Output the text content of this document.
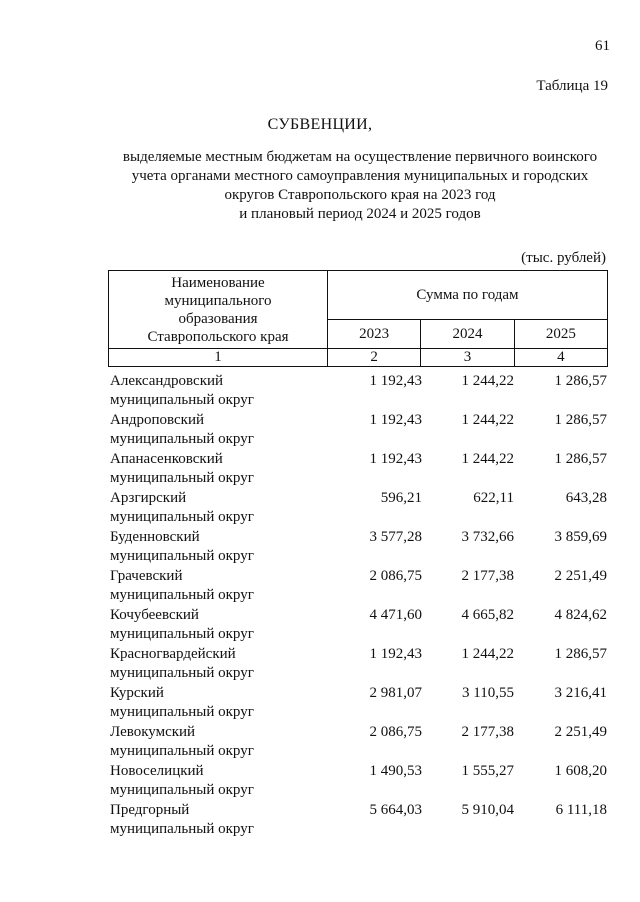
61
Таблица 19
СУБВЕНЦИИ,
выделяемые местным бюджетам на осуществление первичного воинского
учета органами местного самоуправления муниципальных и городских
округов Ставропольского края на 2023 год
и плановый период 2024 и 2025 годов
(тыс. рублей)
Наименование
муниципального
образования
Ставропольского края	Сумма по годам		
	2023	2024	2025
1	2	3	4
Александровский
муниципальный округ
1 192,43	1 244,22	1 286,57
Андроповский
муниципальный округ
1 192,43	1 244,22	1 286,57
Апанасенковский
муниципальный округ
1 192,43	1 244,22	1 286,57
Арзгирский
муниципальный округ
596,21	622,11	643,28
Буденновский
муниципальный округ
3 577,28	3 732,66	3 859,69
Грачевский
муниципальный округ
2 086,75	2 177,38	2 251,49
Кочубеевский
муниципальный округ
4 471,60	4 665,82	4 824,62
Красногвардейский
муниципальный округ
1 192,43	1 244,22	1 286,57
Курский
муниципальный округ
2 981,07	3 110,55	3 216,41
Левокумский
муниципальный округ
2 086,75	2 177,38	2 251,49
Новоселицкий
муниципальный округ
1 490,53	1 555,27	1 608,20
Предгорный
муниципальный округ
5 664,03	5 910,04	6 111,18
